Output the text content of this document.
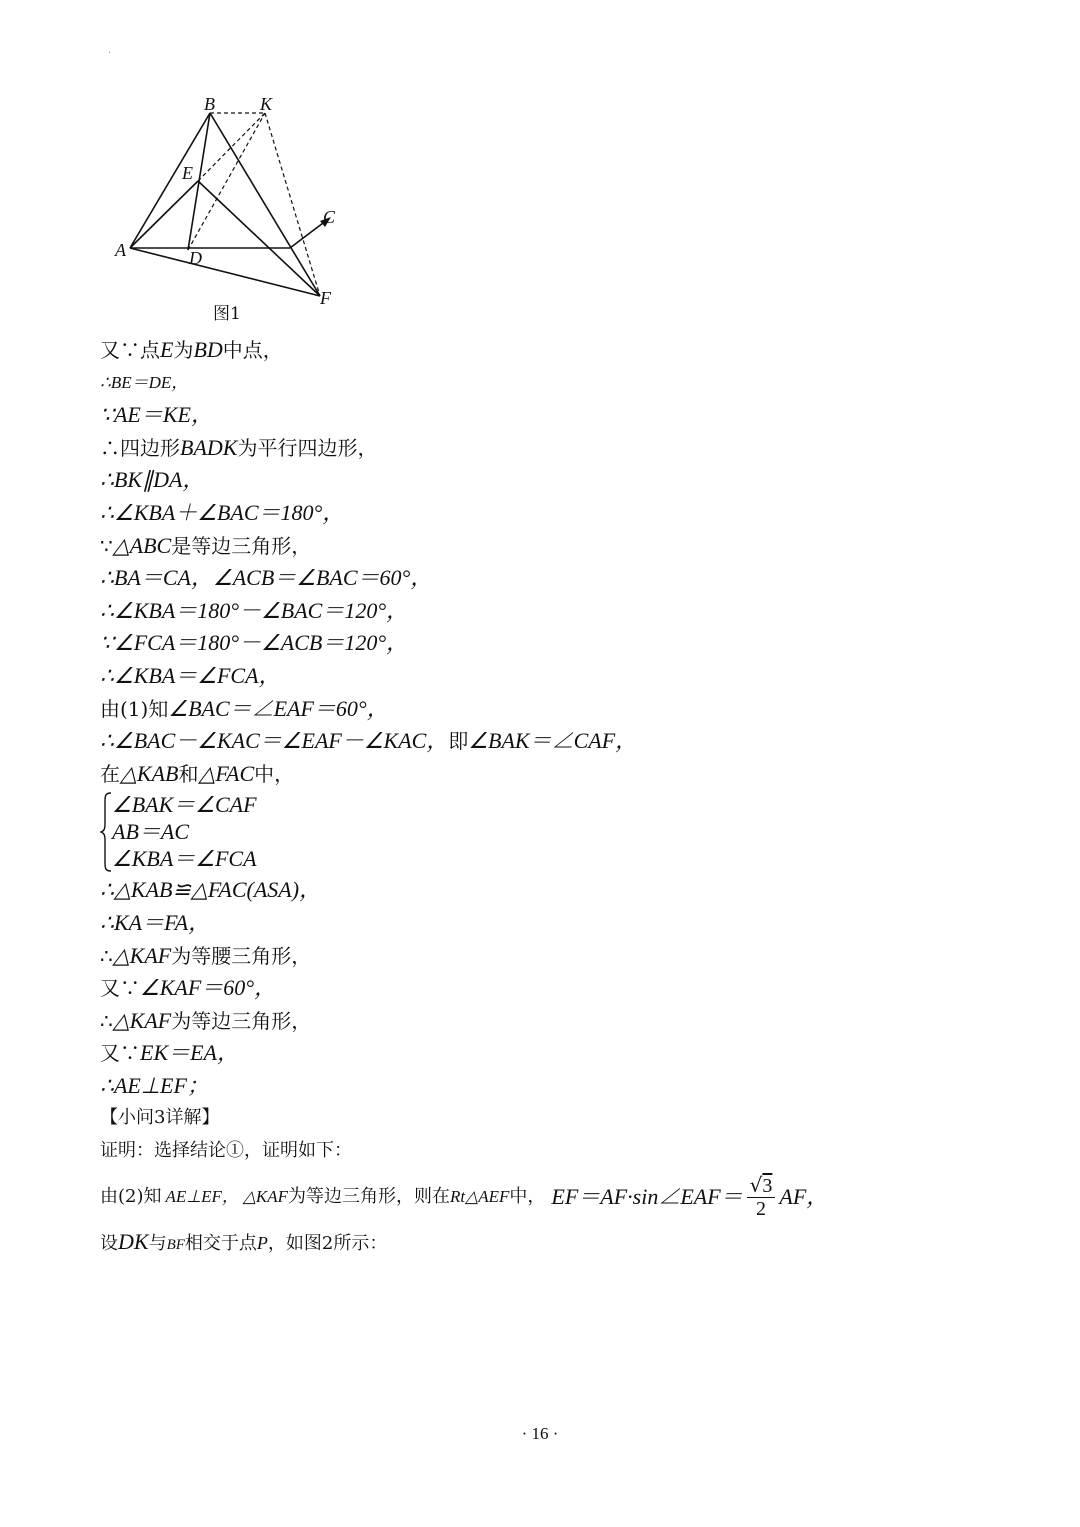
·
B	K
E
C
A	D
F
图1
又∵点E为BD中点，
∴BE＝DE，
∵AE＝KE，
∴四边形BADK为平行四边形，
∴BK∥DA，
∴∠KBA＋∠BAC＝180°，
∵△ABC是等边三角形，
∴BA＝CA，∠ACB＝∠BAC＝60°，
∴∠KBA＝180°－∠BAC＝120°，
∵∠FCA＝180°－∠ACB＝120°，
∴∠KBA＝∠FCA，
由(1)知∠BAC＝∠EAF＝60°，
∴∠BAC－∠KAC＝∠EAF－∠KAC，即∠BAK＝∠CAF，
在△KAB和△FAC中，
∠BAK＝∠CAF
AB＝AC
∠KBA＝∠FCA
∴△KAB≌△FAC(ASA)，
∴KA＝FA，
∴△KAF为等腰三角形，
又∵∠KAF＝60°，
∴△KAF为等边三角形，
又∵EK＝EA，
∴AE⊥EF；
【小问3详解】
证明：选择结论①，证明如下：
由(2)知 AE⊥EF， △KAF 为等边三角形，则在 Rt△AEF 中， EF＝AF·sin∠EAF＝ $\frac{√3}{2}$ AF，
设DK与BF相交于点P，如图2所示：
· 16 ·
